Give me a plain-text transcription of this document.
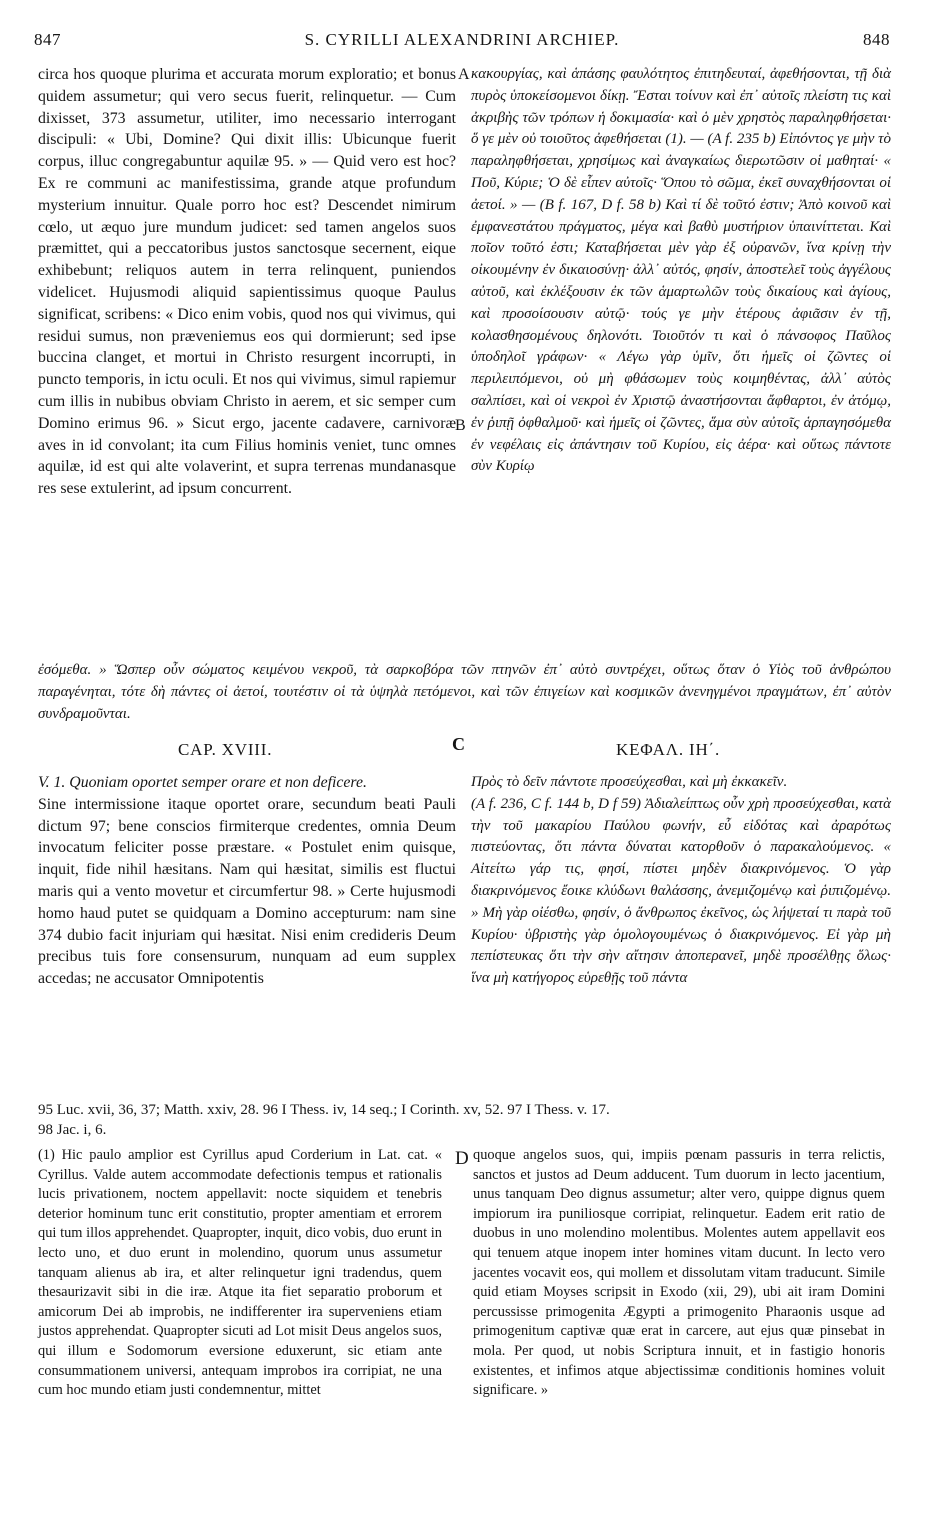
847	S. CYRILLI ALEXANDRINI ARCHIEP.	848
A
B
C
D

circa hos quoque plurima et accurata morum exploratio; et bonus quidem assumetur; qui vero secus fuerit, relinquetur. — Cum dixisset, 373 assumetur, utiliter, imo necessario interrogant discipuli: « Ubi, Domine? Qui dixit illis: Ubicunque fuerit corpus, illuc congregabuntur aquilæ 95. » — Quid vero est hoc? Ex re communi ac manifestissima, grande atque profundum mysterium innuitur. Quale porro hoc est? Descendet nimirum cœlo, ut æquo jure mundum judicet: sed tamen angelos suos præmittet, qui a peccatoribus justos sanctosque secernent, eique exhibebunt; reliquos autem in terra relinquent, puniendos videlicet. Hujusmodi aliquid sapientissimus quoque Paulus significat, scribens: « Dico enim vobis, quod nos qui vivimus, qui residui sumus, non præveniemus eos qui dormierunt; sed ipse buccina clanget, et mortui in Christo resurgent incorrupti, in puncto temporis, in ictu oculi. Et nos qui vivimus, simul rapiemur cum illis in nubibus obviam Christo in aerem, et sic semper cum Domino erimus 96. » Sicut ergo, jacente cadavere, carnivoræ aves in id convolant; ita cum Filius hominis veniet, tunc omnes aquilæ, id est qui alte volaverint, et supra terrenas mundanasque res sese extulerint, ad ipsum concurrent.

κακουργίας, καὶ ἁπάσης φαυλότητος ἐπιτηδευταί, ἀφεθήσονται, τῇ διὰ πυρὸς ὑποκείσομενοι δίκῃ. Ἔσται τοίνυν καὶ ἐπ᾽ αὐτοῖς πλείστη τις καὶ ἀκριβὴς τῶν τρόπων ἡ δοκιμασία· καὶ ὁ μὲν χρηστὸς παραληφθήσεται· ὅ γε μὲν οὐ τοιοῦτος ἀφεθήσεται (1). — (A f. 235 b) Εἰπόντος γε μὴν τὸ παραληφθήσεται, χρησίμως καὶ ἀναγκαίως διερωτῶσιν οἱ μαθηταί· « Ποῦ, Κύριε; Ὁ δὲ εἶπεν αὐτοῖς· Ὅπου τὸ σῶμα, ἐκεῖ συναχθήσονται οἱ ἀετοί. » — (B f. 167, D f. 58 b) Καὶ τί δὲ τοῦτό ἐστιν; Ἀπὸ κοινοῦ καὶ ἐμφανεστάτου πράγματος, μέγα καὶ βαθὺ μυστήριον ὑπαινίττεται. Καὶ ποῖον τοῦτό ἐστι; Καταβήσεται μὲν γὰρ ἐξ οὐρανῶν, ἵνα κρίνῃ τὴν οἰκουμένην ἐν δικαιοσύνῃ· ἀλλ᾽ αὐτός, φησίν, ἀποστελεῖ τοὺς ἀγγέλους αὐτοῦ, καὶ ἐκλέξουσιν ἐκ τῶν ἁμαρτωλῶν τοὺς δικαίους καὶ ἁγίους, καὶ προσοίσουσιν αὐτῷ· τούς γε μὴν ἑτέρους ἀφιᾶσιν ἐν τῇ, κολασθησομένους δηλονότι. Τοιοῦτόν τι καὶ ὁ πάνσοφος Παῦλος ὑποδηλοῖ γράφων· « Λέγω γὰρ ὑμῖν, ὅτι ἡμεῖς οἱ ζῶντες οἱ περιλειπόμενοι, οὐ μὴ φθάσωμεν τοὺς κοιμηθέντας, ἀλλ᾽ αὐτὸς σαλπίσει, καὶ οἱ νεκροὶ ἐν Χριστῷ ἀναστήσονται ἄφθαρτοι, ἐν ἀτόμῳ, ἐν ῥιπῇ ὀφθαλμοῦ· καὶ ἡμεῖς οἱ ζῶντες, ἅμα σὺν αὐτοῖς ἁρπαγησόμεθα ἐν νεφέλαις εἰς ἀπάντησιν τοῦ Κυρίου, εἰς ἀέρα· καὶ οὕτως πάντοτε σὺν Κυρίῳ

ἐσόμεθα. » Ὥσπερ οὖν σώματος κειμένου νεκροῦ, τὰ σαρκοβόρα τῶν πτηνῶν ἐπ᾽ αὐτὸ συντρέχει, οὕτως ὅταν ὁ Υἱὸς τοῦ ἀνθρώπου παραγένηται, τότε δὴ πάντες οἱ ἀετοί, τουτέστιν οἱ τὰ ὑψηλὰ πετόμενοι, καὶ τῶν ἐπιγείων καὶ κοσμικῶν ἀνενηγμένοι πραγμάτων, ἐπ᾽ αὐτὸν συνδραμοῦνται.

CAP. XVIII.	ΚΕΦΑΛ. ΙΗ΄.

V. 1. Quoniam oportet semper orare et non deficere.

Sine intermissione itaque oportet orare, secundum beati Pauli dictum 97; bene conscios firmiterque credentes, omnia Deum invocatum feliciter posse præstare. « Postulet enim quisque, inquit, fide nihil hæsitans. Nam qui hæsitat, similis est fluctui maris qui a vento movetur et circumfertur 98. » Certe hujusmodi homo haud putet se quidquam a Domino accepturum: nam sine 374 dubio facit injuriam qui hæsitat. Nisi enim credideris Deum precibus tuis fore consensurum, nunquam ad eum supplex accedas; ne accusator Omnipotentis

Πρὸς τὸ δεῖν πάντοτε προσεύχεσθαι, καὶ μὴ ἐκκακεῖν.

(A f. 236, C f. 144 b, D f 59) Ἀδιαλείπτως οὖν χρὴ προσεύχεσθαι, κατὰ τὴν τοῦ μακαρίου Παύλου φωνήν, εὖ εἰδότας καὶ ἀραρότως πιστεύοντας, ὅτι πάντα δύναται κατορθοῦν ὁ παρακαλούμενος. « Αἰτείτω γάρ τις, φησί, πίστει μηδὲν διακρινόμενος. Ὁ γὰρ διακρινόμενος ἔοικε κλύδωνι θαλάσσης, ἀνεμιζομένῳ καὶ ῥιπιζομένῳ. » Μὴ γὰρ οἰέσθω, φησίν, ὁ ἄνθρωπος ἐκεῖνος, ὡς λήψεταί τι παρὰ τοῦ Κυρίου· ὑβριστὴς γὰρ ὁμολογουμένως ὁ διακρινόμενος. Εἰ γὰρ μὴ πεπίστευκας ὅτι τὴν σὴν αἴτησιν ἀποπερανεῖ, μηδὲ προσέλθῃς ὅλως· ἵνα μὴ κατήγορος εὑρεθῇς τοῦ πάντα

95 Luc. xvii, 36, 37; Matth. xxiv, 28. 96 I Thess. iv, 14 seq.; I Corinth. xv, 52. 97 I Thess. v. 17.
98 Jac. i, 6.

(1) Hic paulo amplior est Cyrillus apud Corderium in Lat. cat. « Cyrillus. Valde autem accommodate defectionis tempus et rationalis lucis privationem, noctem appellavit: nocte siquidem et tenebris deterior hominum tunc erit constitutio, propter amentiam et errorem qui tum illos apprehendet. Quapropter, inquit, dico vobis, duo erunt in lecto uno, et duo erunt in molendino, quorum unus assumetur tanquam alienus ab ira, et alter relinquetur igni tradendus, quem thesaurizavit sibi in die iræ. Atque ita fiet separatio proborum et amicorum Dei ab improbis, ne indifferenter ira superveniens etiam justos apprehendat. Quapropter sicuti ad Lot misit Deus angelos suos, qui illum e Sodomorum eversione eduxerunt, sic etiam ante consummationem universi, antequam improbos ira corripiat, ne una cum hoc mundo etiam justi condemnentur, mittet

quoque angelos suos, qui, impiis pœnam passuris in terra relictis, sanctos et justos ad Deum adducent. Tum duorum in lecto jacentium, unus tanquam Deo dignus assumetur; alter vero, quippe dignus quem impiorum ira puniliosque corripiat, relinquetur. Eadem erit ratio de duobus in uno molendino molentibus. Molentes autem appellavit eos qui tenuem atque inopem inter homines vitam ducunt. In lecto vero jacentes vocavit eos, qui mollem et dissolutam vitam traducunt. Simile quid etiam Moyses scripsit in Exodo (xii, 29), ubi ait iram Domini percussisse primogenita Ægypti a primogenito Pharaonis usque ad primogenitum captivæ quæ erat in carcere, aut ejus quæ pinsebat in mola. Per quod, ut nobis Scriptura innuit, et in fastigio honoris existentes, et infimos atque abjectissimæ conditionis homines voluit significare. »
